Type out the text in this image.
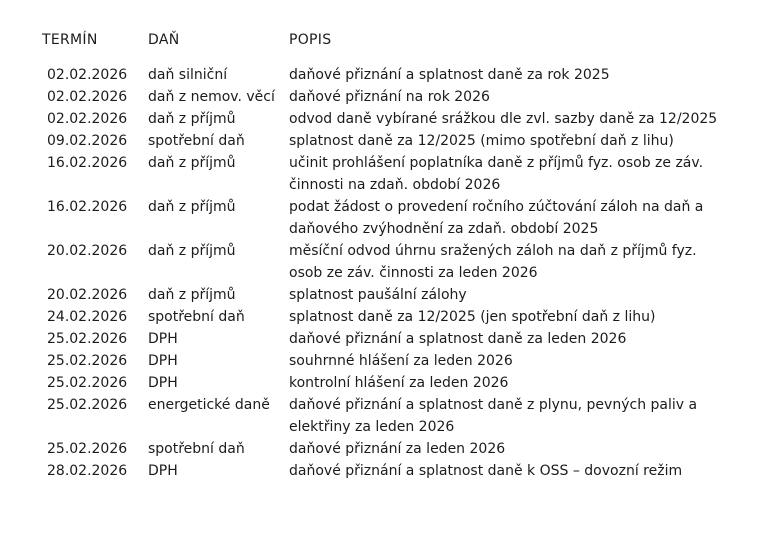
TERMÍN	DAŇ	POPIS
02.02.2026	daň silniční	daňové přiznání a splatnost daně za rok 2025
02.02.2026	daň z nemov. věcí	daňové přiznání na rok 2026
02.02.2026	daň z příjmů	odvod daně vybírané srážkou dle zvl. sazby daně za 12/2025
09.02.2026	spotřební daň	splatnost daně za 12/2025 (mimo spotřební daň z lihu)
16.02.2026	daň z příjmů	učinit prohlášení poplatníka daně z příjmů fyz. osob ze záv. činnosti na zdaň. období 2026
16.02.2026	daň z příjmů	podat žádost o provedení ročního zúčtování záloh na daň a daňového zvýhodnění za zdaň. období 2025
20.02.2026	daň z příjmů	měsíční odvod úhrnu sražených záloh na daň z příjmů fyz. osob ze záv. činnosti za leden 2026
20.02.2026	daň z příjmů	splatnost paušální zálohy
24.02.2026	spotřební daň	splatnost daně za 12/2025 (jen spotřební daň z lihu)
25.02.2026	DPH	daňové přiznání a splatnost daně za leden 2026
25.02.2026	DPH	souhrnné hlášení za leden 2026
25.02.2026	DPH	kontrolní hlášení za leden 2026
25.02.2026	energetické daně	daňové přiznání a splatnost daně z plynu, pevných paliv a elektřiny za leden 2026
25.02.2026	spotřební daň	daňové přiznání za leden 2026
28.02.2026	DPH	daňové přiznání a splatnost daně k OSS – dovozní režim
